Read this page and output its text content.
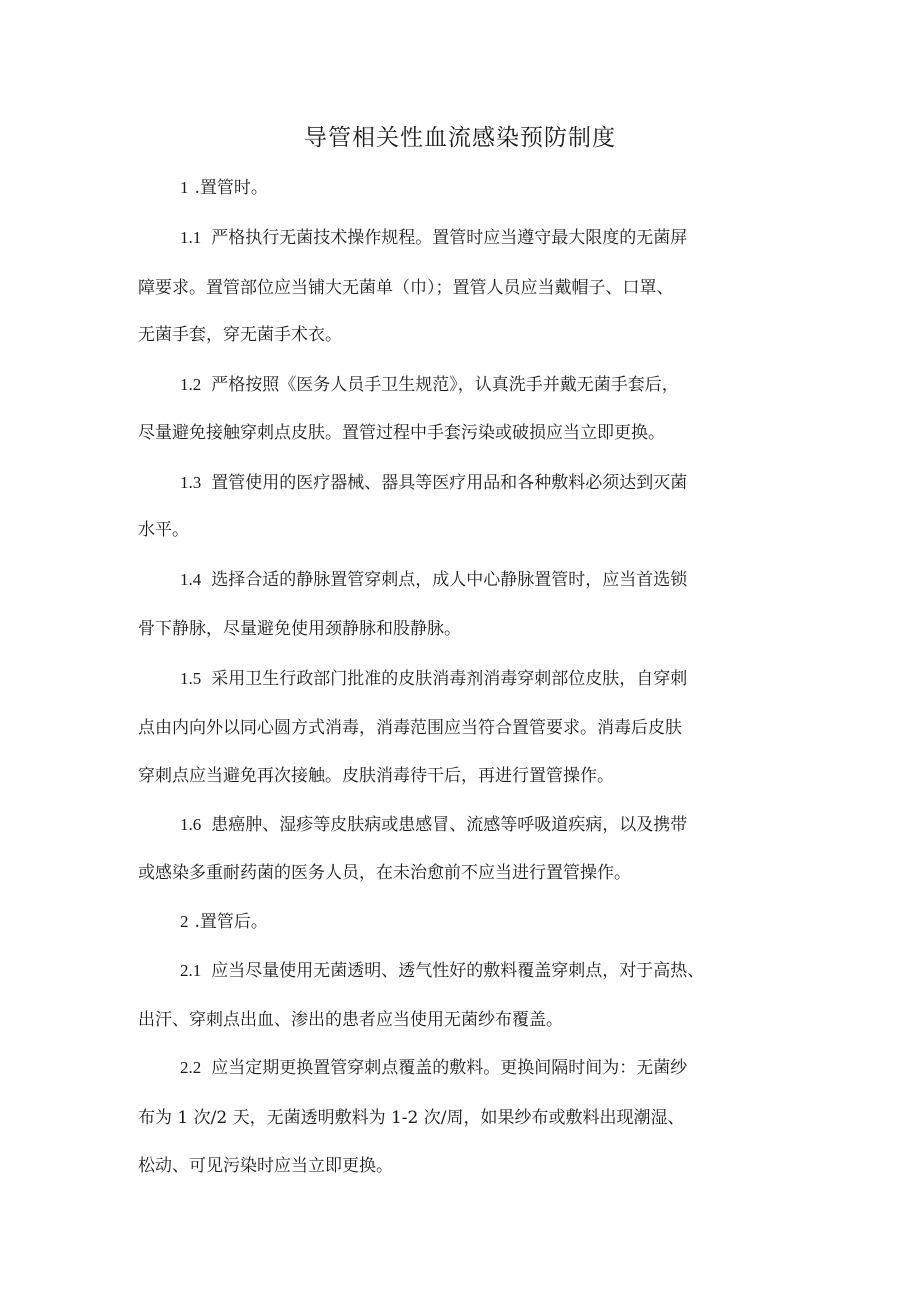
导管相关性血流感染预防制度
1 .置管时。
1.1 严格执行无菌技术操作规程。置管时应当遵守最大限度的无菌屏
障要求。置管部位应当铺大无菌单（巾）；置管人员应当戴帽子、口罩、
无菌手套，穿无菌手术衣。
1.2 严格按照《医务人员手卫生规范》，认真洗手并戴无菌手套后，
尽量避免接触穿刺点皮肤。置管过程中手套污染或破损应当立即更换。
1.3 置管使用的医疗器械、器具等医疗用品和各种敷料必须达到灭菌
水平。
1.4 选择合适的静脉置管穿刺点，成人中心静脉置管时，应当首选锁
骨下静脉，尽量避免使用颈静脉和股静脉。
1.5 采用卫生行政部门批准的皮肤消毒剂消毒穿刺部位皮肤，自穿刺
点由内向外以同心圆方式消毒，消毒范围应当符合置管要求。消毒后皮肤
穿刺点应当避免再次接触。皮肤消毒待干后，再进行置管操作。
1.6 患癌肿、湿疹等皮肤病或患感冒、流感等呼吸道疾病，以及携带
或感染多重耐药菌的医务人员，在未治愈前不应当进行置管操作。
2 .置管后。
2.1 应当尽量使用无菌透明、透气性好的敷料覆盖穿刺点，对于高热、
出汗、穿刺点出血、渗出的患者应当使用无菌纱布覆盖。
2.2 应当定期更换置管穿刺点覆盖的敷料。更换间隔时间为：无菌纱
布为 1 次/2 天，无菌透明敷料为 1-2 次/周，如果纱布或敷料出现潮湿、
松动、可见污染时应当立即更换。
